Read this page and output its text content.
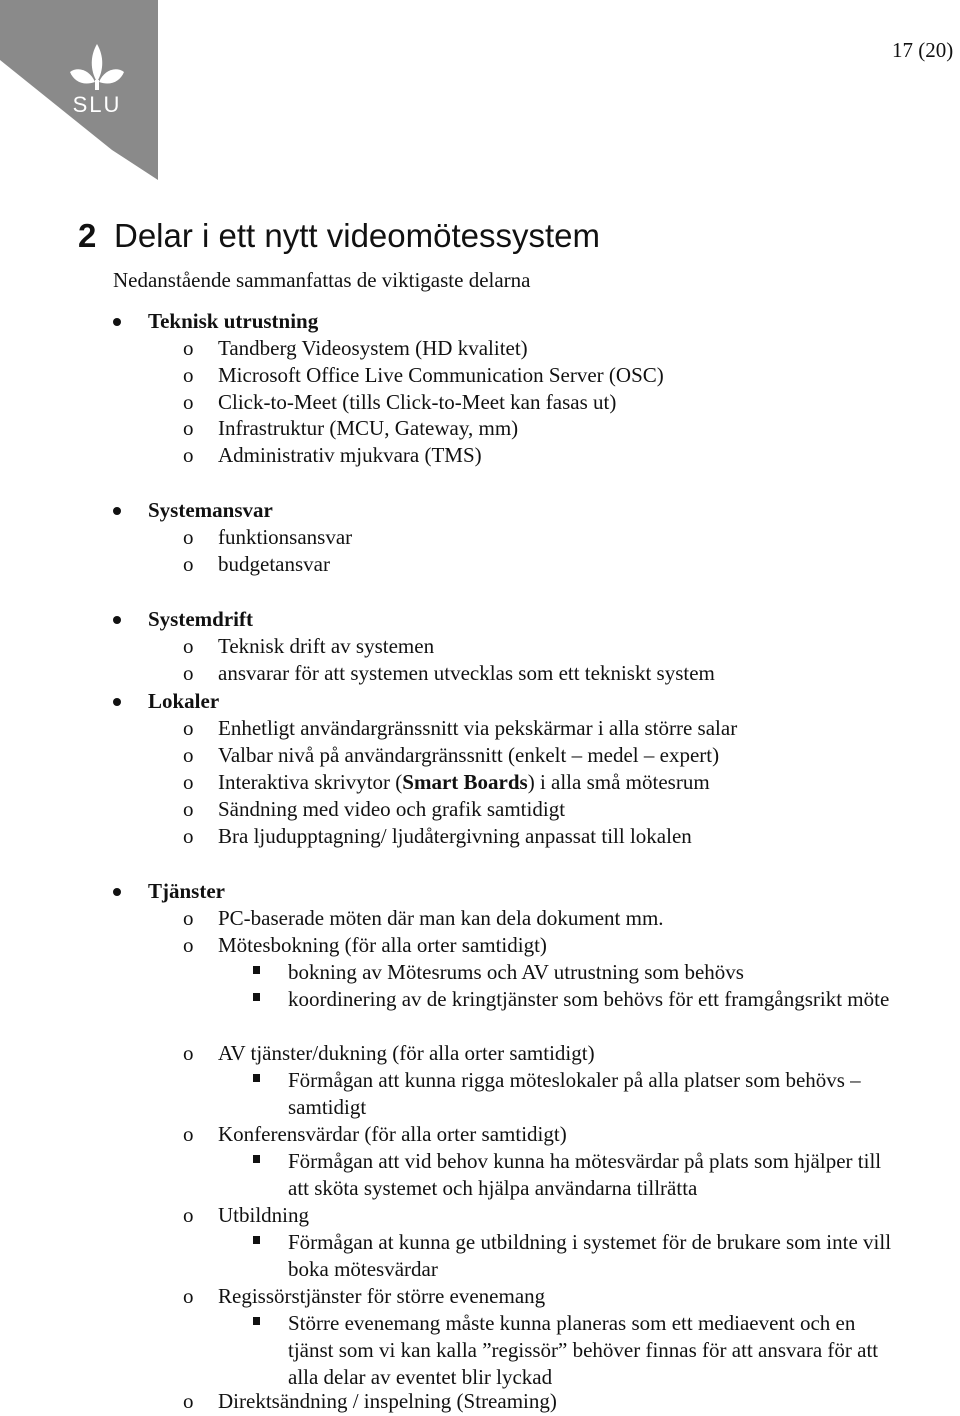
SLU
17 (20)
2 Delar i ett nytt videomötessystem
Nedanstående sammanfattas de viktigaste delarna
Teknisk utrustning
o Tandberg Videosystem (HD kvalitet)
o Microsoft Office Live Communication Server (OSC)
o Click-to-Meet (tills Click-to-Meet kan fasas ut)
o Infrastruktur (MCU, Gateway, mm)
o Administrativ mjukvara (TMS)
Systemansvar
o funktionsansvar
o budgetansvar
Systemdrift
o Teknisk drift av systemen
o ansvarar för att systemen utvecklas som ett tekniskt system
Lokaler
o Enhetligt användargränssnitt via pekskärmar i alla större salar
o Valbar nivå på användargränssnitt (enkelt – medel – expert)
o Interaktiva skrivytor (Smart Boards) i alla små mötesrum
o Sändning med video och grafik samtidigt
o Bra ljudupptagning/ ljudåtergivning anpassat till lokalen
Tjänster
o PC-baserade möten där man kan dela dokument mm.
o Mötesbokning (för alla orter samtidigt)
bokning av Mötesrums och AV utrustning som behövs
koordinering av de kringtjänster som behövs för ett framgångsrikt möte
o AV tjänster/dukning (för alla orter samtidigt)
Förmågan att kunna rigga möteslokaler på alla platser som behövs –
samtidigt
o Konferensvärdar (för alla orter samtidigt)
Förmågan att vid behov kunna ha mötesvärdar på plats som hjälper till
att sköta systemet och hjälpa användarna tillrätta
o Utbildning
Förmågan at kunna ge utbildning i systemet för de brukare som inte vill
boka mötesvärdar
o Regissörstjänster för större evenemang
Större evenemang måste kunna planeras som ett mediaevent och en
tjänst som vi kan kalla ”regissör” behöver finnas för att ansvara för att
alla delar av eventet blir lyckad
o Direktsändning / inspelning (Streaming)
